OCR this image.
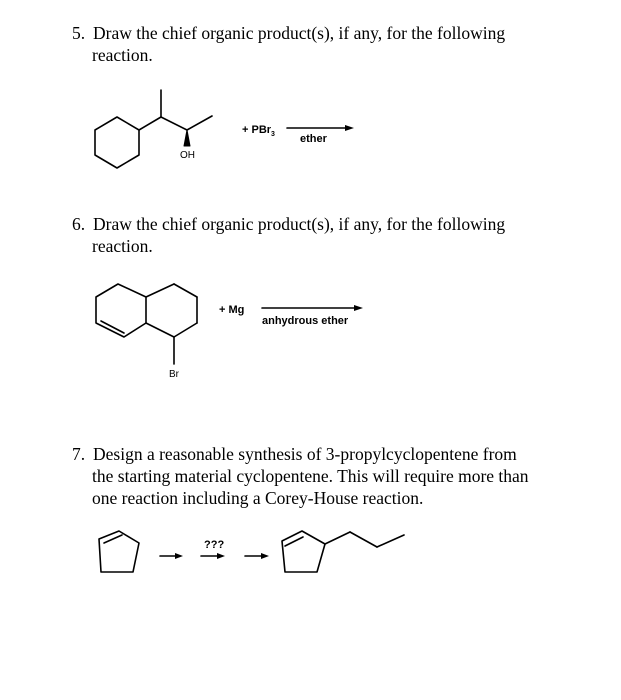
5. Draw the chief organic product(s), if any, for the following
reaction.
6. Draw the chief organic product(s), if any, for the following
reaction.
7. Design a reasonable synthesis of 3-propylcyclopentene from
the starting material cyclopentene. This will require more than
one reaction including a Corey-House reaction.
OH
+ PBr$_3$ ether
Br
+ Mg
anhydrous ether
???
